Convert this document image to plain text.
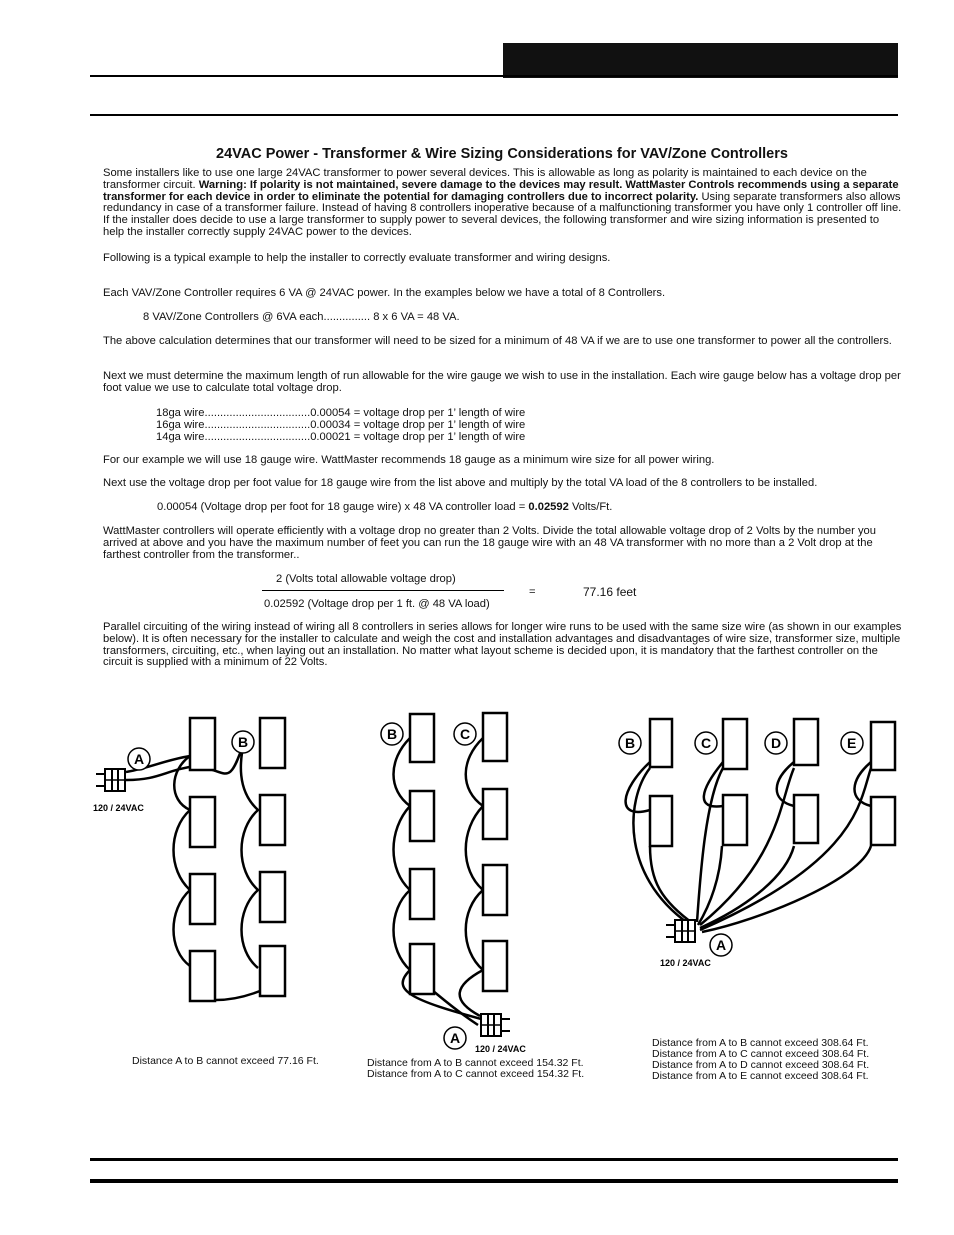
24VAC Power - Transformer & Wire Sizing Considerations for VAV/Zone Controllers

Some installers like to use one large 24VAC transformer to power several devices. This is allowable as long as polarity is maintained to each device on the transformer circuit. Warning: If polarity is not maintained, severe damage to the devices may result. WattMaster Controls recommends using a separate transformer for each device in order to eliminate the potential for damaging controllers due to incorrect polarity. Using separate transformers also allows redundancy in case of a transformer failure. Instead of having 8 controllers inoperative because of a malfunctioning transformer you have only 1 controller off line. If the installer does decide to use a large transformer to supply power to several devices, the following transformer and wire sizing information is presented to help the installer correctly supply 24VAC power to the devices.

Following is a typical example to help the installer to correctly evaluate transformer and wiring designs.

Each VAV/Zone Controller requires 6 VA @ 24VAC power. In the examples below we have a total of 8 Controllers.

8 VAV/Zone Controllers @ 6VA each............... 8 x 6 VA = 48 VA.

The above calculation determines that our transformer will need to be sized for a minimum of 48 VA if we are to use one transformer to power all the controllers.

Next we must determine the maximum length of run allowable for the wire gauge we wish to use in the installation. Each wire gauge below has a voltage drop per foot value we use to calculate total voltage drop.

18ga wire..................................0.00054 = voltage drop per 1’ length of wire
16ga wire..................................0.00034 = voltage drop per 1’ length of wire
14ga wire..................................0.00021 = voltage drop per 1’ length of wire

For our example we will use 18 gauge wire. WattMaster recommends 18 gauge as a minimum wire size for all power wiring.

Next use the voltage drop per foot value for 18 gauge wire from the list above and multiply by the total VA load of the 8 controllers to be installed.

0.00054 (Voltage drop per foot for 18 gauge wire) x 48 VA controller load = 0.02592 Volts/Ft.

WattMaster controllers will operate efficiently with a voltage drop no greater than 2 Volts. Divide the total allowable voltage drop of 2 Volts by the number you arrived at above and you have the maximum number of feet you can run the 18 gauge wire with an 48 VA transformer with no more than a 2 Volt drop at the farthest controller from the transformer..

2 (Volts total allowable voltage drop)
0.02592 (Voltage drop per 1 ft. @ 48 VA load)
=	77.16 feet

Parallel circuiting of the wiring instead of wiring all 8 controllers in series allows for longer wire runs to be used with the same size wire (as shown in our examples below). It is often necessary for the installer to calculate and weigh the cost and installation advantages and disadvantages of wire size, transformer size, multiple transformers, circuiting, etc., when laying out an installation. No matter what layout scheme is decided upon, it is mandatory that the farthest controller on the circuit is supplied with a minimum of 22 Volts.

A
B
120 / 24VAC
B	C
A
120 / 24VAC
B	C	D	E
A
120 / 24VAC
Distance A to B cannot exceed 77.16 Ft.	Distance from A to B cannot exceed 154.32 Ft.
Distance from A to C cannot exceed 154.32 Ft.
Distance from A to B cannot exceed 308.64 Ft.
Distance from A to C cannot exceed 308.64 Ft.
Distance from A to D cannot exceed 308.64 Ft.
Distance from A to E cannot exceed 308.64 Ft.
